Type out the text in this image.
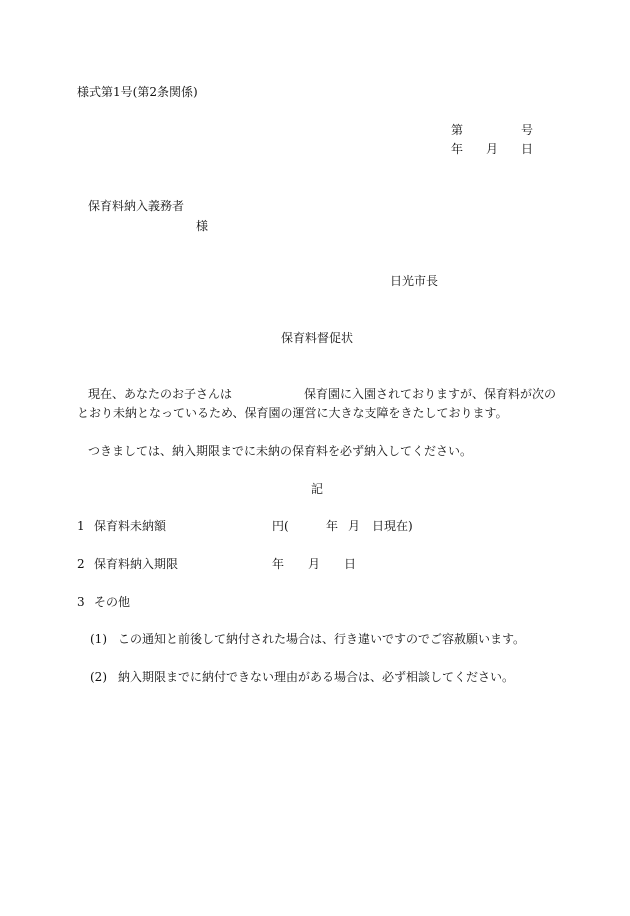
様式第1号(第2条関係)
第	号
年 月 日
保育料納入義務者
様
日光市長
保育料督促状
現在、あなたのお子さんは	保育園に入園されておりますが、保育料が次の
とおり未納となっているため、保育園の運営に大きな支障をきたしております。
つきましては、納入期限までに未納の保育料を必ず納入してください。
記
1 保育料未納額	円(	年 月 日現在)
2 保育料納入期限	年 月 日
3 その他
(1) この通知と前後して納付された場合は、行き違いですのでご容赦願います。
(2) 納入期限までに納付できない理由がある場合は、必ず相談してください。
